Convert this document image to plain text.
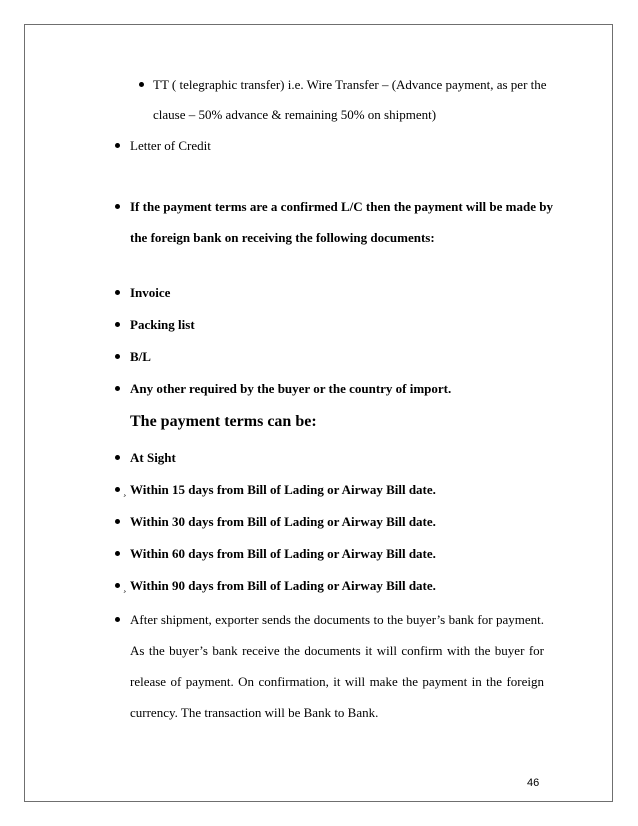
TT ( telegraphic transfer) i.e. Wire Transfer – (Advance payment, as per the
clause – 50% advance & remaining 50% on shipment)
Letter of Credit
If the payment terms are a confirmed L/C then the payment will be made by
the foreign bank on receiving the following documents:
Invoice
Packing list
B/L
Any other required by the buyer or the country of import.
The payment terms can be:
At Sight
¸ Within 15 days from Bill of Lading or Airway Bill date.
Within 30 days from Bill of Lading or Airway Bill date.
Within 60 days from Bill of Lading or Airway Bill date.
¸ Within 90 days from Bill of Lading or Airway Bill date.
After shipment, exporter sends the documents to the buyer’s bank for payment.
As the buyer’s bank receive the documents it will confirm with the buyer for
release of payment. On confirmation, it will make the payment in the foreign
currency. The transaction will be Bank to Bank.
46
